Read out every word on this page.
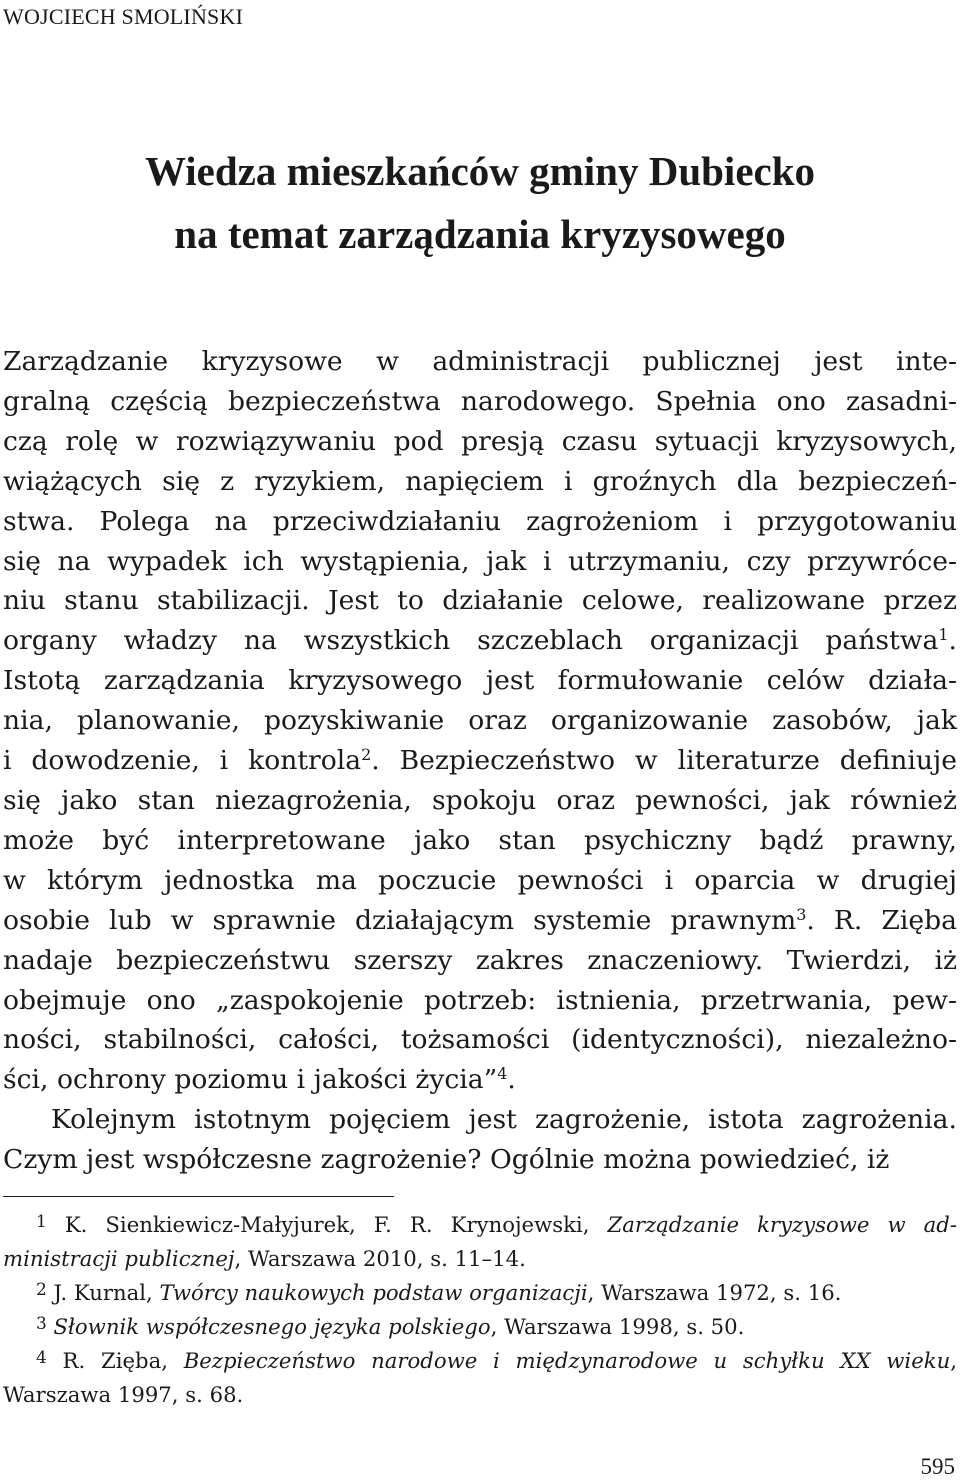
WOJCIECH SMOLIŃSKI
Wiedza mieszkańców gminy Dubiecko
na temat zarządzania kryzysowego
Zarządzanie kryzysowe w administracji publicznej jest inte-
gralną częścią bezpieczeństwa narodowego. Spełnia ono zasadni-
czą rolę w rozwiązywaniu pod presją czasu sytuacji kryzysowych,
wiążących się z ryzykiem, napięciem i groźnych dla bezpieczeń-
stwa. Polega na przeciwdziałaniu zagrożeniom i przygotowaniu
się na wypadek ich wystąpienia, jak i utrzymaniu, czy przywróce-
niu stanu stabilizacji. Jest to działanie celowe, realizowane przez
organy władzy na wszystkich szczeblach organizacji państwa$^1$.
Istotą zarządzania kryzysowego jest formułowanie celów działa-
nia, planowanie, pozyskiwanie oraz organizowanie zasobów, jak
i dowodzenie, i kontrola$^2$. Bezpieczeństwo w literaturze definiuje
się jako stan niezagrożenia, spokoju oraz pewności, jak również
może być interpretowane jako stan psychiczny bądź prawny,
w którym jednostka ma poczucie pewności i oparcia w drugiej
osobie lub w sprawnie działającym systemie prawnym$^3$. R. Zięba
nadaje bezpieczeństwu szerszy zakres znaczeniowy. Twierdzi, iż
obejmuje ono „zaspokojenie potrzeb: istnienia, przetrwania, pew-
ności, stabilności, całości, tożsamości (identyczności), niezależno-
ści, ochrony poziomu i jakości życia”$^4$.
Kolejnym istotnym pojęciem jest zagrożenie, istota zagrożenia.
Czym jest współczesne zagrożenie? Ogólnie można powiedzieć, iż
$^1$ K. Sienkiewicz-Małyjurek, F. R. Krynojewski, Zarządzanie kryzysowe w ad-
ministracji publicznej, Warszawa 2010, s. 11–14.
$^2$ J. Kurnal, Twórcy naukowych podstaw organizacji, Warszawa 1972, s. 16.
$^3$ Słownik współczesnego języka polskiego, Warszawa 1998, s. 50.
$^4$ R. Zięba, Bezpieczeństwo narodowe i międzynarodowe u schyłku XX wieku,
Warszawa 1997, s. 68.
595
